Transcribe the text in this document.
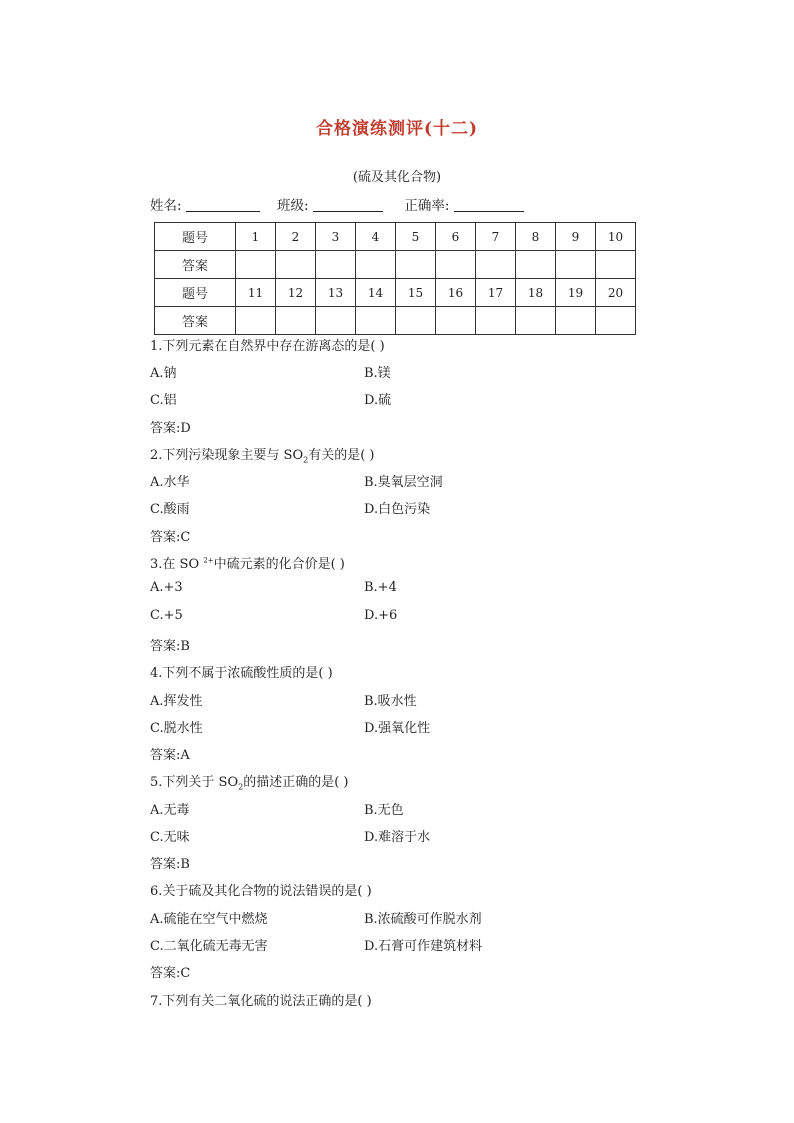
合格演练测评(十二)
(硫及其化合物)
姓名:	班级:	正确率:
题号	1	2	3	4	5	6	7	8	9	10
答案										
题号	11	12	13	14	15	16	17	18	19	20
答案										
1.下列元素在自然界中存在游离态的是( )
A.钠	B.镁
C.铝	D.硫
答案:D
2.下列污染现象主要与 $SO_2$有关的是( )
A.水华	B.臭氧层空洞
C.酸雨	D.白色污染
答案:C
3.在 SO $^{2+}$中硫元素的化合价是( )
A.+3	B.+4
C.+5	D.+6
答案:B
4.下列不属于浓硫酸性质的是( )
A.挥发性	B.吸水性
C.脱水性	D.强氧化性
答案:A
5.下列关于 $SO_2$的描述正确的是( )
A.无毒	B.无色
C.无味	D.难溶于水
答案:B
6.关于硫及其化合物的说法错误的是( )
A.硫能在空气中燃烧	B.浓硫酸可作脱水剂
C.二氧化硫无毒无害	D.石膏可作建筑材料
答案:C
7.下列有关二氧化硫的说法正确的是( )
